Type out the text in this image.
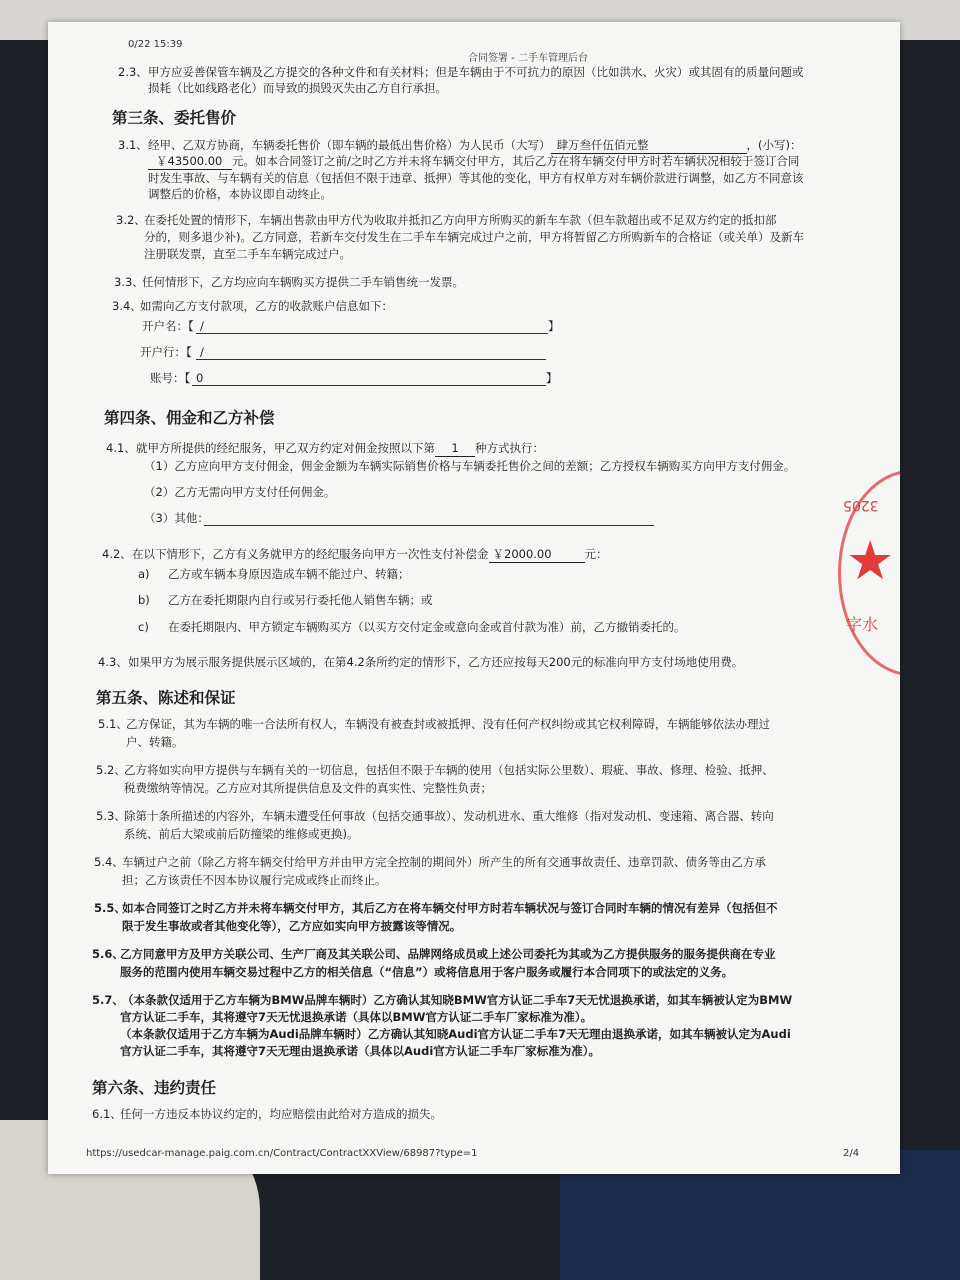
0/22 15:39
合同签署 - 二手车管理后台
2.3、 甲方应妥善保管车辆及乙方提交的各种文件和有关材料；但是车辆由于不可抗力的原因（比如洪水、火灾）或其固有的质量问题或
损耗（比如线路老化）而导致的损毁灭失由乙方自行承担。
第三条、委托售价
3.1、 经甲、乙双方协商，车辆委托售价（即车辆的最低出售价格）为人民币（大写） 肆万叁仟伍佰元整	，(小写)：
￥43500.00 元。如本合同签订之前/之时乙方并未将车辆交付甲方，其后乙方在将车辆交付甲方时若车辆状况相较于签订合同
时发生事故、与车辆有关的信息（包括但不限于违章、抵押）等其他的变化，甲方有权单方对车辆价款进行调整，如乙方不同意该
调整后的价格，本协议即自动终止。
3.2、
在委托处置的情形下，车辆出售款由甲方代为收取并抵扣乙方向甲方所购买的新车车款（但车款超出或不足双方约定的抵扣部
分的，则多退少补)。乙方同意，若新车交付发生在二手车车辆完成过户之前，甲方将暂留乙方所购新车的合格证（或关单）及新车
注册联发票，直至二手车车辆完成过户。
3.3、
任何情形下，乙方均应向车辆购买方提供二手车销售统一发票。
3.4、
如需向乙方支付款项，乙方的收款账户信息如下：
开户名：【 /	】
开户行：【 /
账号：【 0	】
第四条、佣金和乙方补偿
4.1、 就甲方所提供的经纪服务，甲乙双方约定对佣金按照以下第 1 种方式执行：
（1）乙方应向甲方支付佣金，佣金金额为车辆实际销售价格与车辆委托售价之间的差额；乙方授权车辆购买方向甲方支付佣金。
（2）乙方无需向甲方支付任何佣金。
（3）其他：
4.2、 在以下情形下，乙方有义务就甲方的经纪服务向甲方一次性支付补偿金 ￥2000.00	元：
a) 乙方或车辆本身原因造成车辆不能过户、转籍；
b) 乙方在委托期限内自行或另行委托他人销售车辆；或
c) 在委托期限内、甲方锁定车辆购买方（以买方交付定金或意向金或首付款为准）前，乙方撤销委托的。
4.3、 如果甲方为展示服务提供展示区域的，在第4.2条所约定的情形下，乙方还应按每天200元的标准向甲方支付场地使用费。
第五条、陈述和保证
5.1、
乙方保证，其为车辆的唯一合法所有权人，车辆没有被查封或被抵押、没有任何产权纠纷或其它权利障碍，车辆能够依法办理过
户、转籍。
5.2、
乙方将如实向甲方提供与车辆有关的一切信息，包括但不限于车辆的使用（包括实际公里数）、瑕疵、事故、修理、检验、抵押、
税费缴纳等情况。乙方应对其所提供信息及文件的真实性、完整性负责；
5.3、
除第十条所描述的内容外，车辆未遭受任何事故（包括交通事故）、发动机进水、重大维修（指对发动机、变速箱、离合器、转向
系统、前后大梁或前后防撞梁的维修或更换)。
5.4、
车辆过户之前（除乙方将车辆交付给甲方并由甲方完全控制的期间外）所产生的所有交通事故责任、违章罚款、债务等由乙方承
担；乙方该责任不因本协议履行完成或终止而终止。
5.5、
如本合同签订之时乙方并未将车辆交付甲方，其后乙方在将车辆交付甲方时若车辆状况与签订合同时车辆的情况有差异（包括但不
限于发生事故或者其他变化等），乙方应如实向甲方披露该等情况。
5.6、
乙方同意甲方及甲方关联公司、生产厂商及其关联公司、品牌网络成员或上述公司委托为其或为乙方提供服务的服务提供商在专业
服务的范围内使用车辆交易过程中乙方的相关信息（“信息”）或将信息用于客户服务或履行本合同项下的或法定的义务。
5.7、
（本条款仅适用于乙方车辆为BMW品牌车辆时）乙方确认其知晓BMW官方认证二手车7天无忧退换承诺，如其车辆被认定为BMW
官方认证二手车，其将遵守7天无忧退换承诺（具体以BMW官方认证二手车厂家标准为准）。
（本条款仅适用于乙方车辆为Audi品牌车辆时）乙方确认其知晓Audi官方认证二手车7天无理由退换承诺，如其车辆被认定为Audi
官方认证二手车，其将遵守7天无理由退换承诺（具体以Audi官方认证二手车厂家标准为准）。
第六条、违约责任
6.1、
任何一方违反本协议约定的，均应赔偿由此给对方造成的损失。
https://usedcar-manage.paig.com.cn/Contract/ContractXXView/68987?type=1	2/4
3205
★
字水
